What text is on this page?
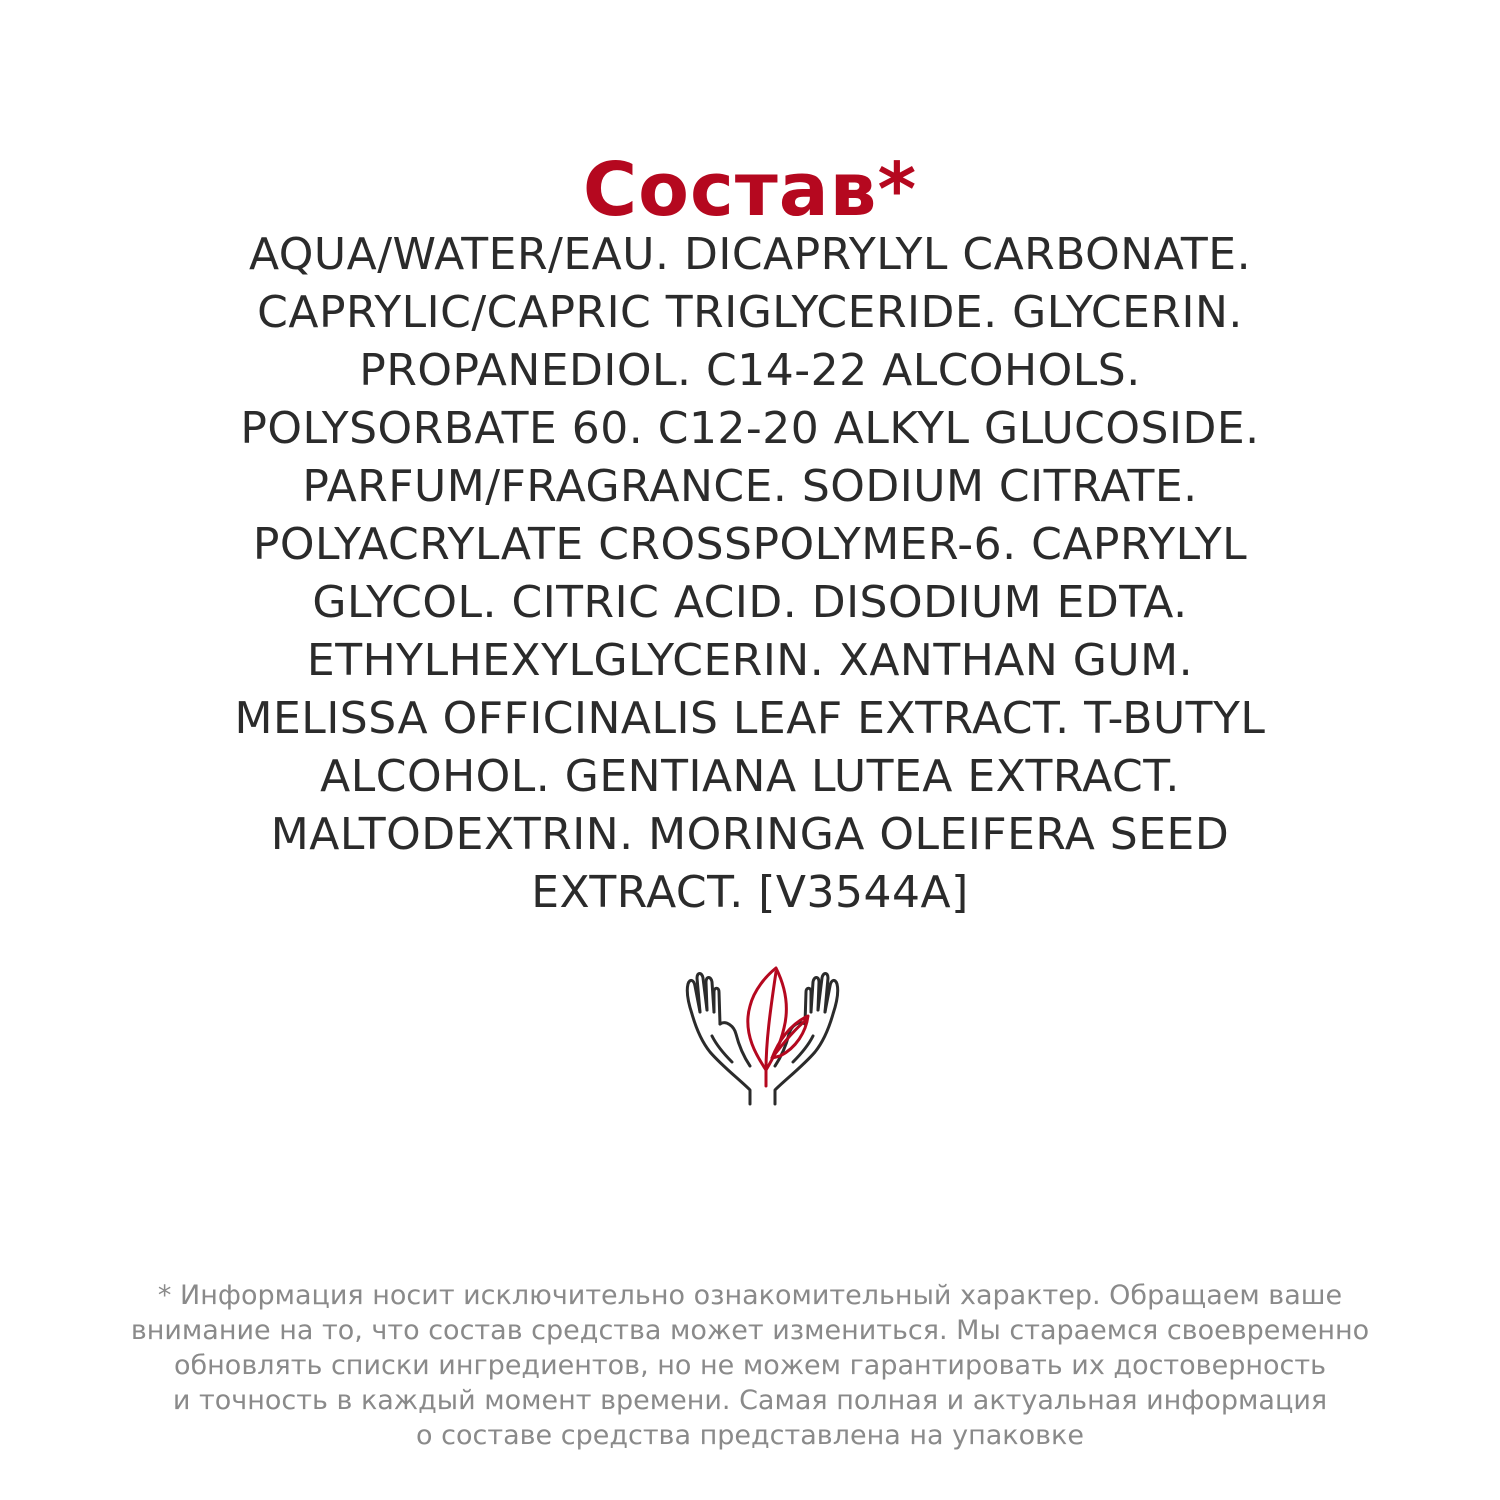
Состав*
AQUA/WATER/EAU. DICAPRYLYL CARBONATE.
CAPRYLIC/CAPRIC TRIGLYCERIDE. GLYCERIN.
PROPANEDIOL. C14-22 ALCOHOLS.
POLYSORBATE 60. C12-20 ALKYL GLUCOSIDE.
PARFUM/FRAGRANCE. SODIUM CITRATE.
POLYACRYLATE CROSSPOLYMER-6. CAPRYLYL
GLYCOL. CITRIC ACID. DISODIUM EDTA.
ETHYLHEXYLGLYCERIN. XANTHAN GUM.
MELISSA OFFICINALIS LEAF EXTRACT. T-BUTYL
ALCOHOL. GENTIANA LUTEA EXTRACT.
MALTODEXTRIN. MORINGA OLEIFERA SEED
EXTRACT. [V3544A]
* Информация носит исключительно ознакомительный характер. Обращаем ваше
внимание на то, что состав средства может измениться. Мы стараемся своевременно
обновлять списки ингредиентов, но не можем гарантировать их достоверность
и точность в каждый момент времени. Самая полная и актуальная информация
о составе средства представлена на упаковке
